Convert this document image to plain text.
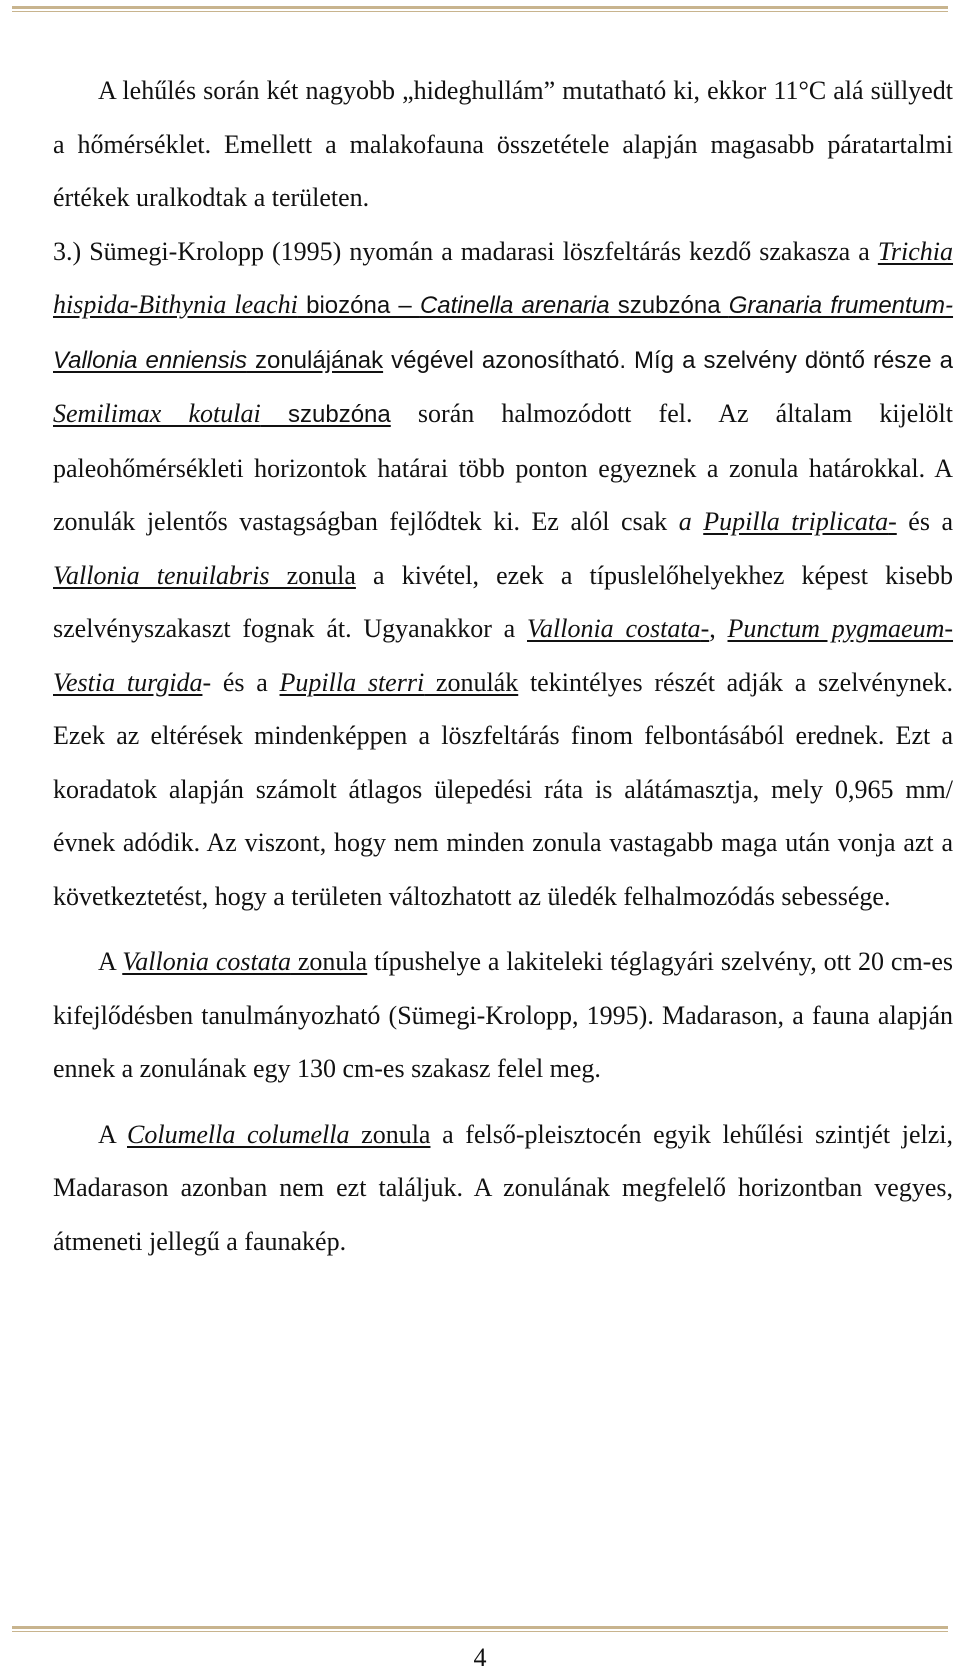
A lehűlés során két nagyobb „hideghullám” mutatható ki, ekkor 11°C alá süllyedt a hőmérséklet. Emellett a malakofauna összetétele alapján magasabb páratartalmi értékek uralkodtak a területen.

3.) Sümegi-Krolopp (1995) nyomán a madarasi löszfeltárás kezdő szakasza a Trichia hispida-Bithynia leachi biozóna – Catinella arenaria szubzóna Granaria frumentum-Vallonia enniensis zonulájának végével azonosítható. Míg a szelvény döntő része a Semilimax kotulai szubzóna során halmozódott fel. Az általam kijelölt paleohőmérsékleti horizontok határai több ponton egyeznek a zonula határokkal. A zonulák jelentős vastagságban fejlődtek ki. Ez alól csak a Pupilla triplicata- és a Vallonia tenuilabris zonula a kivétel, ezek a típuslelőhelyekhez képest kisebb szelvényszakaszt fognak át. Ugyanakkor a Vallonia costata-, Punctum pygmaeum-Vestia turgida- és a Pupilla sterri zonulák tekintélyes részét adják a szelvénynek. Ezek az eltérések mindenképpen a löszfeltárás finom felbontásából erednek. Ezt a koradatok alapján számolt átlagos ülepedési ráta is alátámasztja, mely 0,965 mm/évnek adódik. Az viszont, hogy nem minden zonula vastagabb maga után vonja azt a következtetést, hogy a területen változhatott az üledék felhalmozódás sebessége.

A Vallonia costata zonula típushelye a lakiteleki téglagyári szelvény, ott 20 cm-es kifejlődésben tanulmányozható (Sümegi-Krolopp, 1995). Madarason, a fauna alapján ennek a zonulának egy 130 cm-es szakasz felel meg.

A Columella columella zonula a felső-pleisztocén egyik lehűlési szintjét jelzi, Madarason azonban nem ezt találjuk. A zonulának megfelelő horizontban vegyes, átmeneti jellegű a faunakép.

4
